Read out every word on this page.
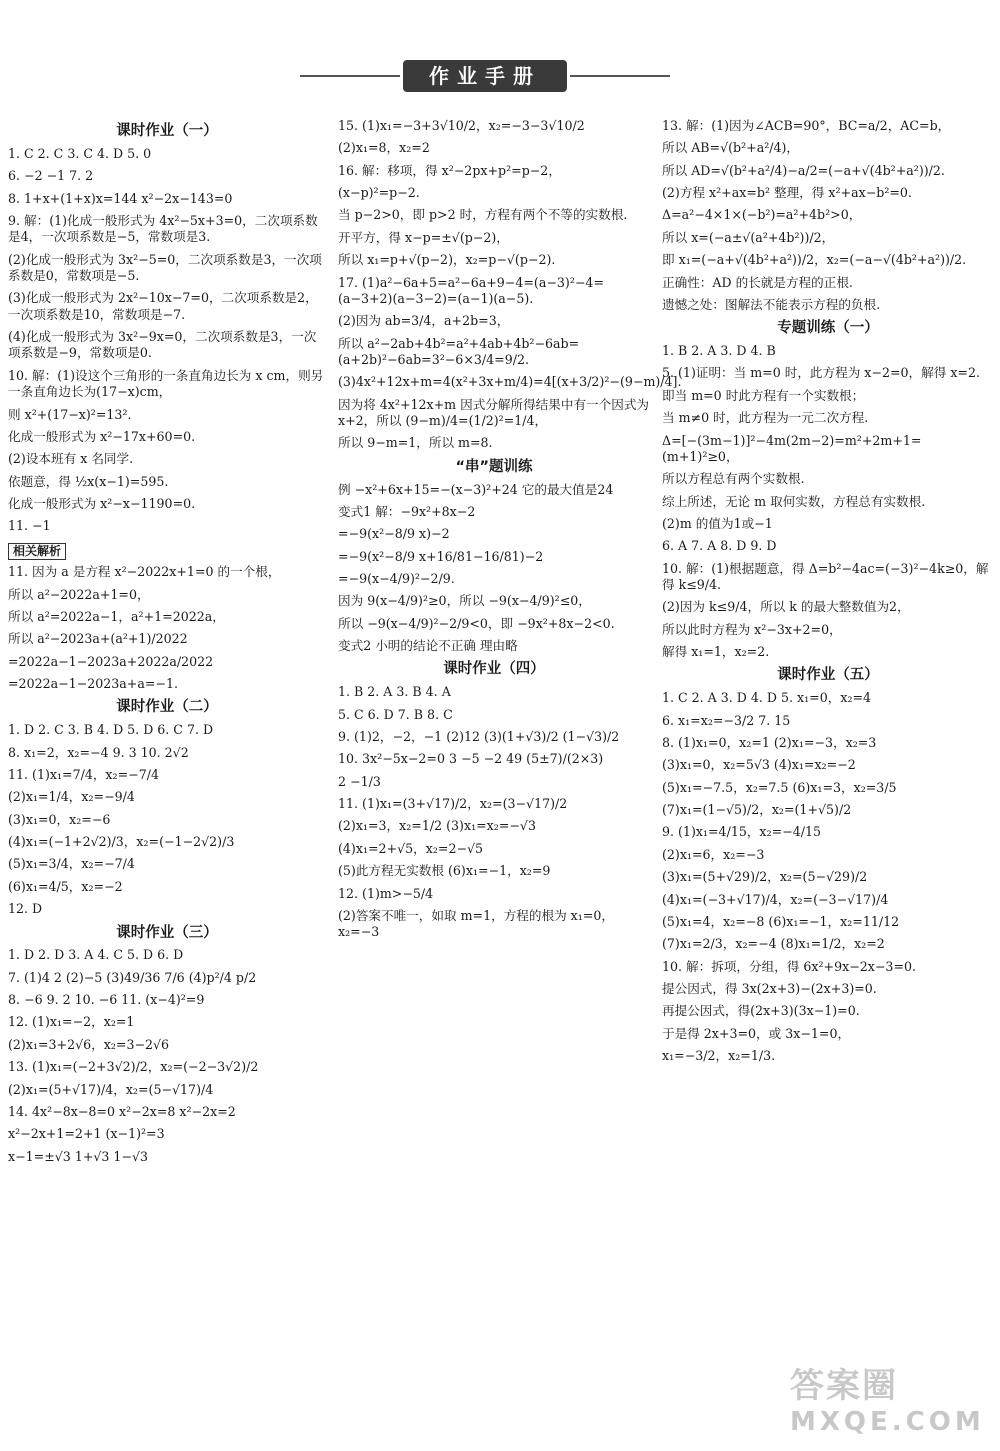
作业手册
课时作业（一）
1. C 2. C 3. C 4. D 5. 0
6. −2 −1 7. 2
8. 1+x+(1+x)x=144 x²−2x−143=0
9. 解：(1)化成一般形式为 4x²−5x+3=0，二次项系数是4，一次项系数是−5，常数项是3.
(2)化成一般形式为 3x²−5=0，二次项系数是3，一次项系数是0，常数项是−5.
(3)化成一般形式为 2x²−10x−7=0，二次项系数是2，一次项系数是10，常数项是−7.
(4)化成一般形式为 3x²−9x=0，二次项系数是3，一次项系数是−9，常数项是0.
10. 解：(1)设这个三角形的一条直角边长为 x cm，则另一条直角边长为(17−x)cm，
则 x²+(17−x)²=13².
化成一般形式为 x²−17x+60=0.
(2)设本班有 x 名同学.
依题意，得 ½x(x−1)=595.
化成一般形式为 x²−x−1190=0.
11. −1
相关解析
11. 因为 a 是方程 x²−2022x+1=0 的一个根，
所以 a²−2022a+1=0，
所以 a²=2022a−1，a²+1=2022a，
所以 a²−2023a+(a²+1)/2022
=2022a−1−2023a+2022a/2022
=2022a−1−2023a+a=−1.
课时作业（二）
1. D 2. C 3. B 4. D 5. D 6. C 7. D
8. x₁=2，x₂=−4 9. 3 10. 2√2
11. (1)x₁=7/4，x₂=−7/4
(2)x₁=1/4，x₂=−9/4
(3)x₁=0，x₂=−6
(4)x₁=(−1+2√2)/3，x₂=(−1−2√2)/3
(5)x₁=3/4，x₂=−7/4
(6)x₁=4/5，x₂=−2
12. D
课时作业（三）
1. D 2. D 3. A 4. C 5. D 6. D
7. (1)4 2 (2)−5 (3)49/36 7/6 (4)p²/4 p/2
8. −6 9. 2 10. −6 11. (x−4)²=9
12. (1)x₁=−2，x₂=1
(2)x₁=3+2√6，x₂=3−2√6
13. (1)x₁=(−2+3√2)/2，x₂=(−2−3√2)/2
(2)x₁=(5+√17)/4，x₂=(5−√17)/4
14. 4x²−8x−8=0 x²−2x=8 x²−2x=2
x²−2x+1=2+1 (x−1)²=3
x−1=±√3 1+√3 1−√3
15. (1)x₁=−3+3√10/2，x₂=−3−3√10/2
(2)x₁=8，x₂=2
16. 解：移项，得 x²−2px+p²=p−2，
(x−p)²=p−2.
当 p−2>0，即 p>2 时，方程有两个不等的实数根.
开平方，得 x−p=±√(p−2)，
所以 x₁=p+√(p−2)，x₂=p−√(p−2).
17. (1)a²−6a+5=a²−6a+9−4=(a−3)²−4=(a−3+2)(a−3−2)=(a−1)(a−5).
(2)因为 ab=3/4，a+2b=3，
所以 a²−2ab+4b²=a²+4ab+4b²−6ab=(a+2b)²−6ab=3²−6×3/4=9/2.
(3)4x²+12x+m=4(x²+3x+m/4)=4[(x+3/2)²−(9−m)/4].
因为将 4x²+12x+m 因式分解所得结果中有一个因式为 x+2，所以 (9−m)/4=(1/2)²=1/4，
所以 9−m=1，所以 m=8.
“串”题训练
例 −x²+6x+15=−(x−3)²+24 它的最大值是24
变式1 解：−9x²+8x−2
=−9(x²−8/9 x)−2
=−9(x²−8/9 x+16/81−16/81)−2
=−9(x−4/9)²−2/9.
因为 9(x−4/9)²≥0，所以 −9(x−4/9)²≤0，
所以 −9(x−4/9)²−2/9<0，即 −9x²+8x−2<0.
变式2 小明的结论不正确 理由略
课时作业（四）
1. B 2. A 3. B 4. A
5. C 6. D 7. B 8. C
9. (1)2，−2，−1 (2)12 (3)(1+√3)/2 (1−√3)/2
10. 3x²−5x−2=0 3 −5 −2 49 (5±7)/(2×3)
2 −1/3
11. (1)x₁=(3+√17)/2，x₂=(3−√17)/2
(2)x₁=3，x₂=1/2 (3)x₁=x₂=−√3
(4)x₁=2+√5，x₂=2−√5
(5)此方程无实数根 (6)x₁=−1，x₂=9
12. (1)m>−5/4
(2)答案不唯一，如取 m=1，方程的根为 x₁=0，x₂=−3
13. 解：(1)因为∠ACB=90°，BC=a/2，AC=b，
所以 AB=√(b²+a²/4)，
所以 AD=√(b²+a²/4)−a/2=(−a+√(4b²+a²))/2.
(2)方程 x²+ax=b² 整理，得 x²+ax−b²=0.
Δ=a²−4×1×(−b²)=a²+4b²>0，
所以 x=(−a±√(a²+4b²))/2，
即 x₁=(−a+√(4b²+a²))/2，x₂=(−a−√(4b²+a²))/2.
正确性：AD 的长就是方程的正根.
遗憾之处：图解法不能表示方程的负根.
专题训练（一）
1. B 2. A 3. D 4. B
5. (1)证明：当 m=0 时，此方程为 x−2=0，解得 x=2.
即当 m=0 时此方程有一个实数根；
当 m≠0 时，此方程为一元二次方程.
Δ=[−(3m−1)]²−4m(2m−2)=m²+2m+1=(m+1)²≥0，
所以方程总有两个实数根.
综上所述，无论 m 取何实数，方程总有实数根.
(2)m 的值为1或−1
6. A 7. A 8. D 9. D
10. 解：(1)根据题意，得 Δ=b²−4ac=(−3)²−4k≥0，解得 k≤9/4.
(2)因为 k≤9/4，所以 k 的最大整数值为2，
所以此时方程为 x²−3x+2=0，
解得 x₁=1，x₂=2.
课时作业（五）
1. C 2. A 3. D 4. D 5. x₁=0，x₂=4
6. x₁=x₂=−3/2 7. 15
8. (1)x₁=0，x₂=1 (2)x₁=−3，x₂=3
(3)x₁=0，x₂=5√3 (4)x₁=x₂=−2
(5)x₁=−7.5，x₂=7.5 (6)x₁=3，x₂=3/5
(7)x₁=(1−√5)/2，x₂=(1+√5)/2
9. (1)x₁=4/15，x₂=−4/15
(2)x₁=6，x₂=−3
(3)x₁=(5+√29)/2，x₂=(5−√29)/2
(4)x₁=(−3+√17)/4，x₂=(−3−√17)/4
(5)x₁=4，x₂=−8 (6)x₁=−1，x₂=11/12
(7)x₁=2/3，x₂=−4 (8)x₁=1/2，x₂=2
10. 解：拆项，分组，得 6x²+9x−2x−3=0.
提公因式，得 3x(2x+3)−(2x+3)=0.
再提公因式，得(2x+3)(3x−1)=0.
于是得 2x+3=0，或 3x−1=0，
x₁=−3/2，x₂=1/3.
答案圈
MXQE.COM
